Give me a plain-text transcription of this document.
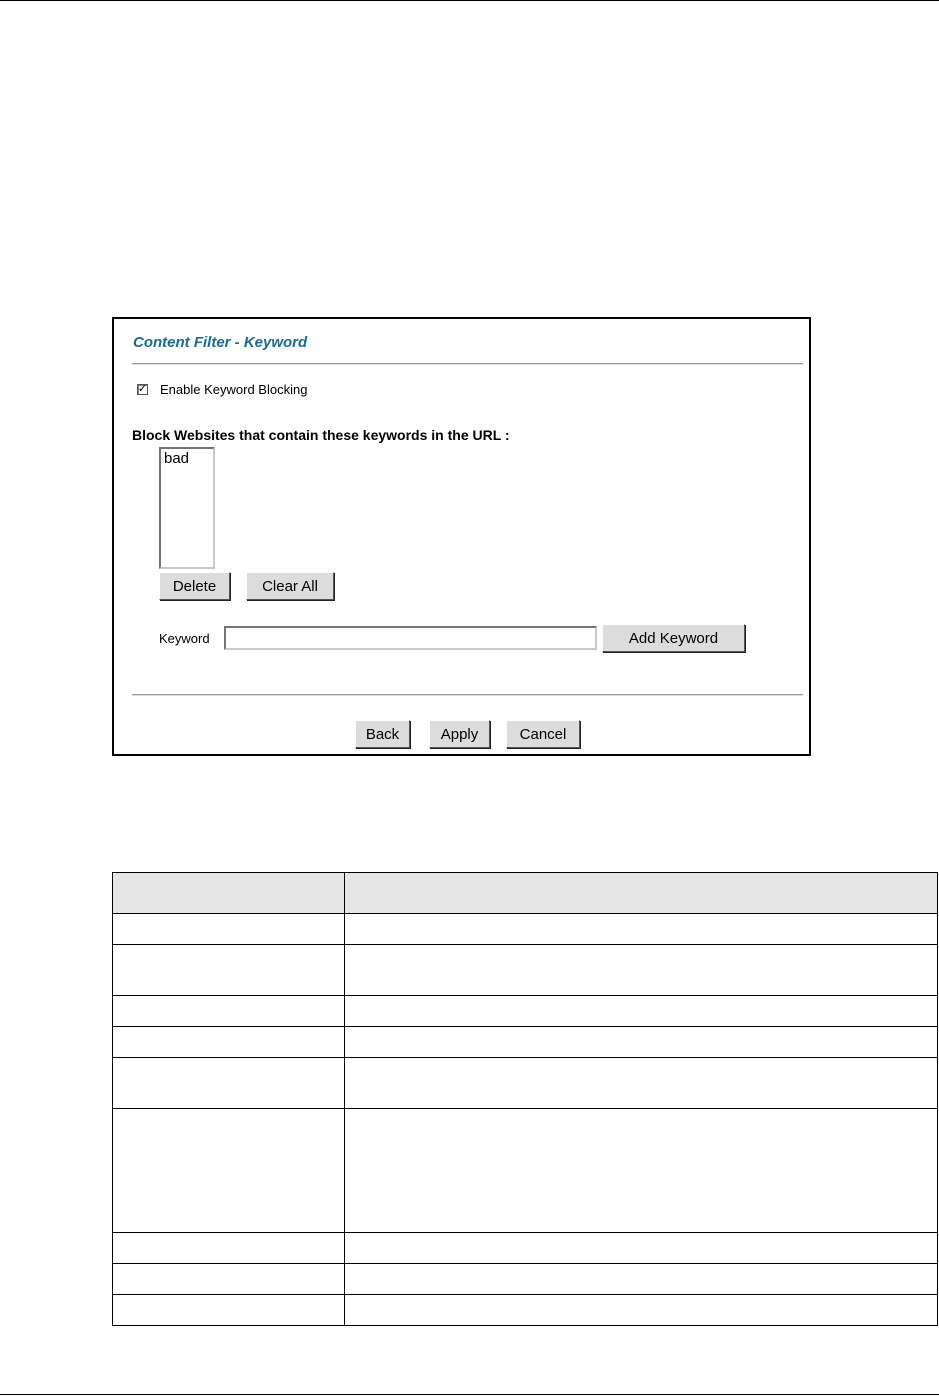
Content Filter - Keyword
✓ Enable Keyword Blocking
Block Websites that contain these keywords in the URL :
bad
Delete	Clear All
Keyword	Add Keyword
Back	Apply	Cancel
